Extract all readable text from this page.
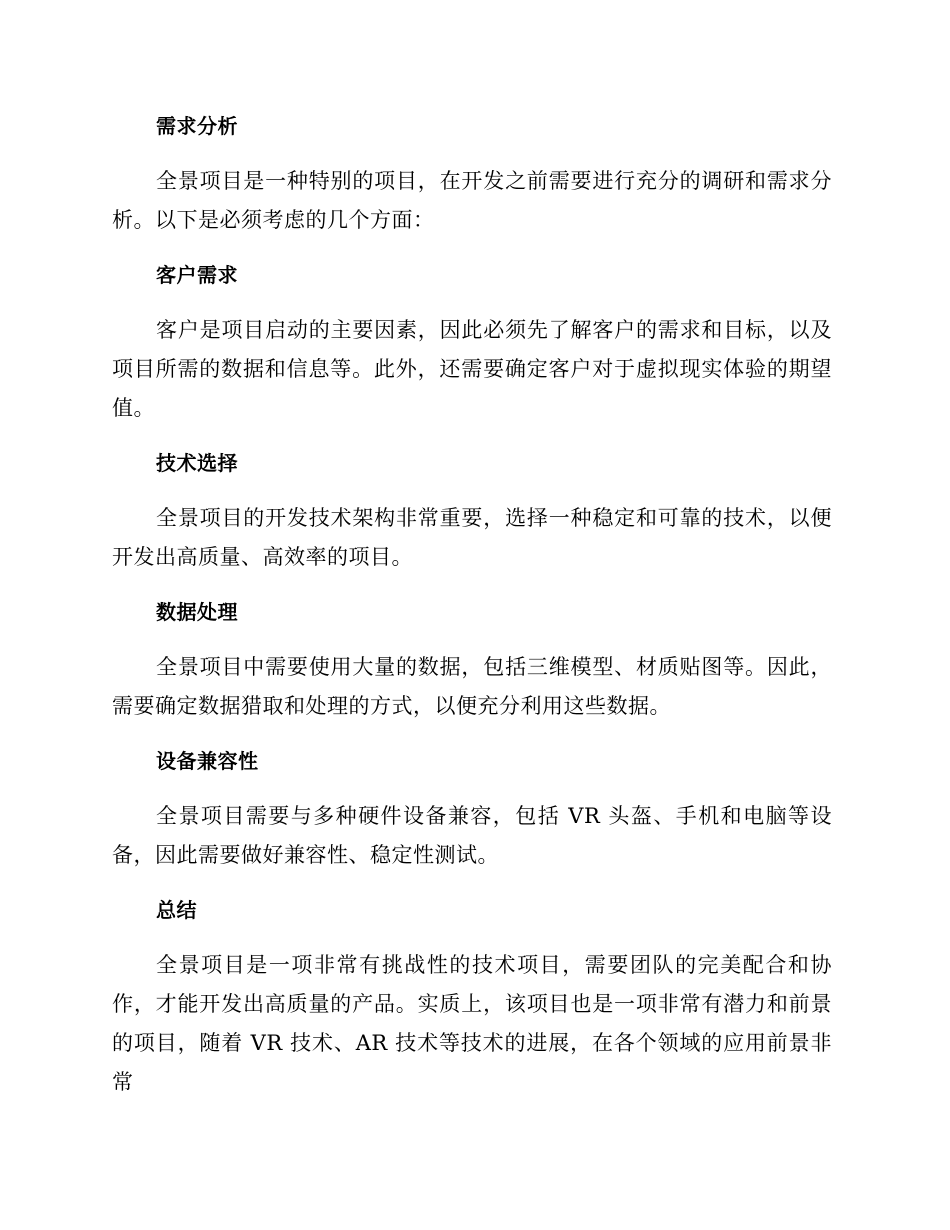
需求分析
全景项目是一种特别的项目，在开发之前需要进行充分的调研和需求分析。以下是必须考虑的几个方面：
客户需求
客户是项目启动的主要因素，因此必须先了解客户的需求和目标，以及项目所需的数据和信息等。此外，还需要确定客户对于虚拟现实体验的期望值。
技术选择
全景项目的开发技术架构非常重要，选择一种稳定和可靠的技术，以便开发出高质量、高效率的项目。
数据处理
全景项目中需要使用大量的数据，包括三维模型、材质贴图等。因此，需要确定数据猎取和处理的方式，以便充分利用这些数据。
设备兼容性
全景项目需要与多种硬件设备兼容，包括 VR 头盔、手机和电脑等设备，因此需要做好兼容性、稳定性测试。
总结
全景项目是一项非常有挑战性的技术项目，需要团队的完美配合和协作，才能开发出高质量的产品。实质上，该项目也是一项非常有潜力和前景的项目，随着 VR 技术、AR 技术等技术的进展，在各个领域的应用前景非常
